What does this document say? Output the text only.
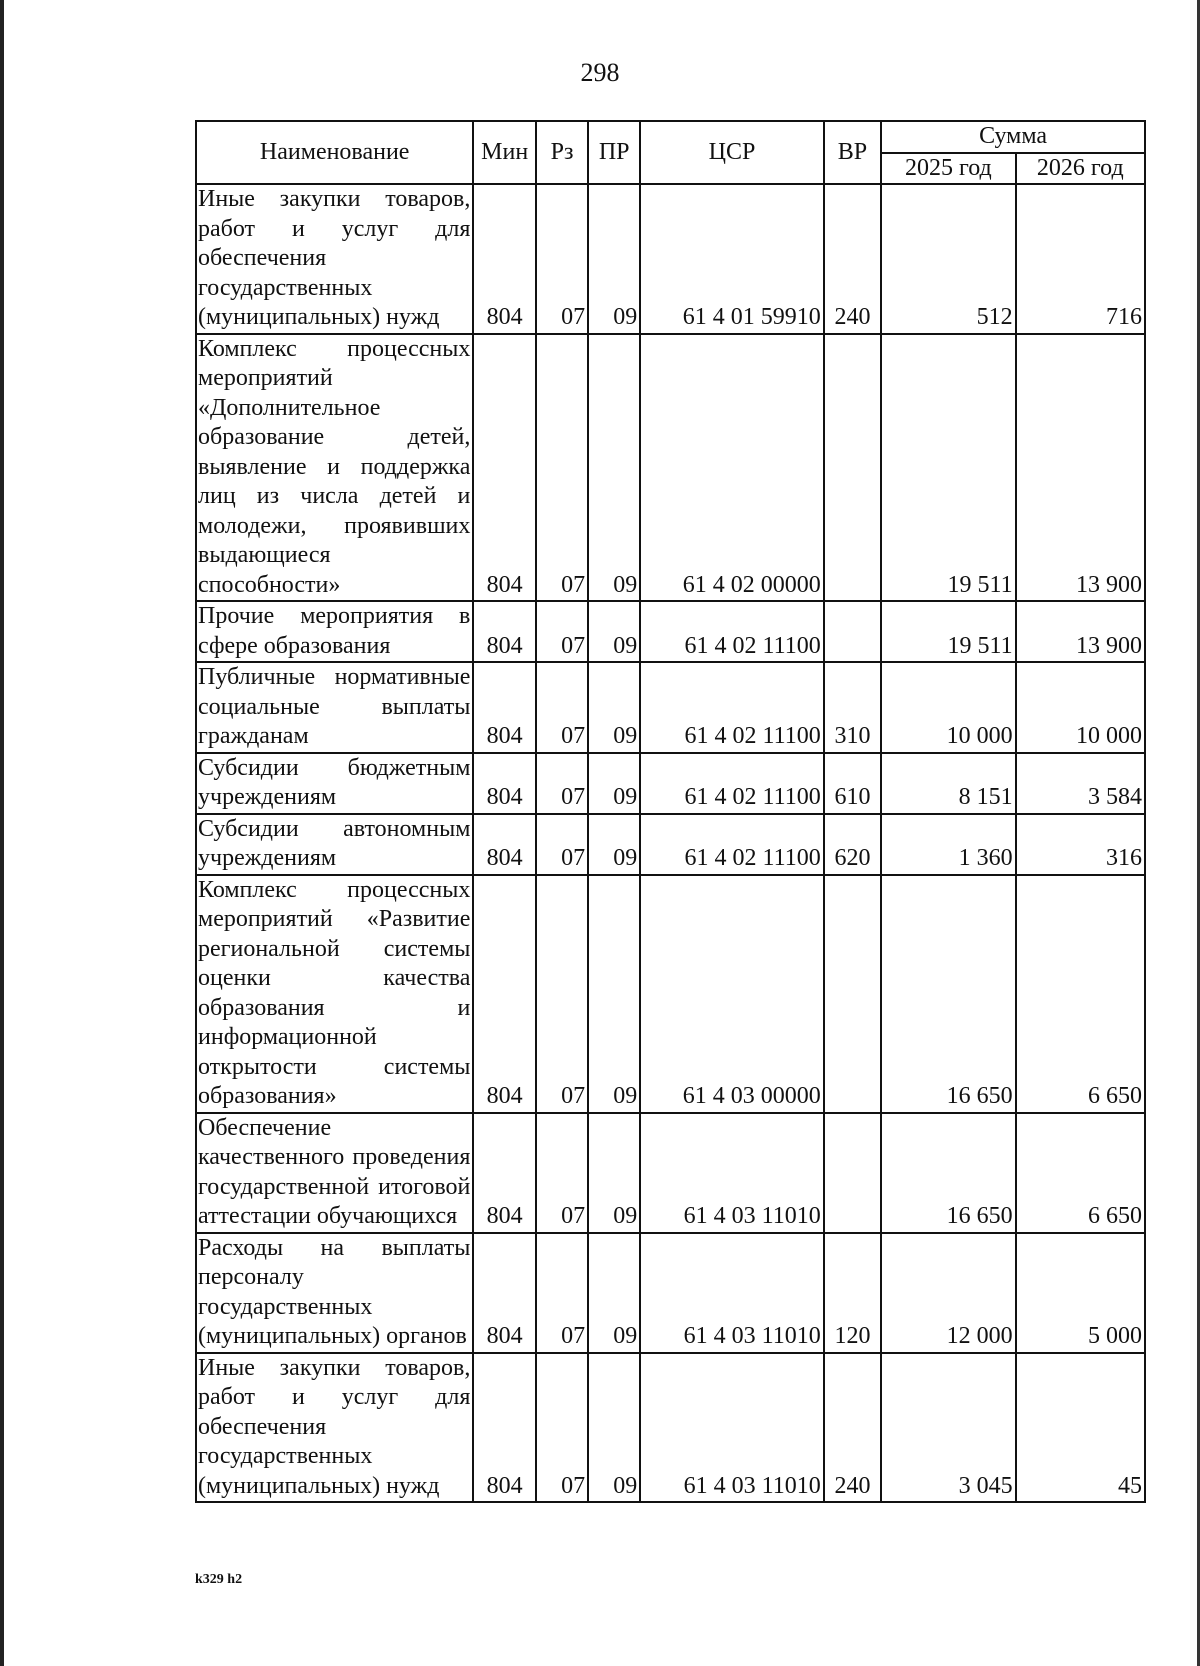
298
Наименование	Мин	Рз	ПР	ЦСР	ВР	Сумма	
						2025 год	2026 год
Иные закупки товаров, работ и услуг для обеспечения государственных (муниципальных) нужд	804	07	09	61 4 01 59910	240	512	716
Комплекс процессных мероприятий «Дополнительное образование детей, выявление и поддержка лиц из числа детей и молодежи, проявивших выдающиеся способности»	804	07	09	61 4 02 00000		19 511	13 900
Прочие мероприятия в сфере образования	804	07	09	61 4 02 11100		19 511	13 900
Публичные нормативные социальные выплаты гражданам	804	07	09	61 4 02 11100	310	10 000	10 000
Субсидии бюджетным учреждениям	804	07	09	61 4 02 11100	610	8 151	3 584
Субсидии автономным учреждениям	804	07	09	61 4 02 11100	620	1 360	316
Комплекс процессных мероприятий «Развитие региональной системы оценки качества образования и информационной открытости системы образования»	804	07	09	61 4 03 00000		16 650	6 650
Обеспечение качественного проведения государственной итоговой аттестации обучающихся	804	07	09	61 4 03 11010		16 650	6 650
Расходы на выплаты персоналу государственных (муниципальных) органов	804	07	09	61 4 03 11010	120	12 000	5 000
Иные закупки товаров, работ и услуг для обеспечения государственных (муниципальных) нужд	804	07	09	61 4 03 11010	240	3 045	45
k329 h2
